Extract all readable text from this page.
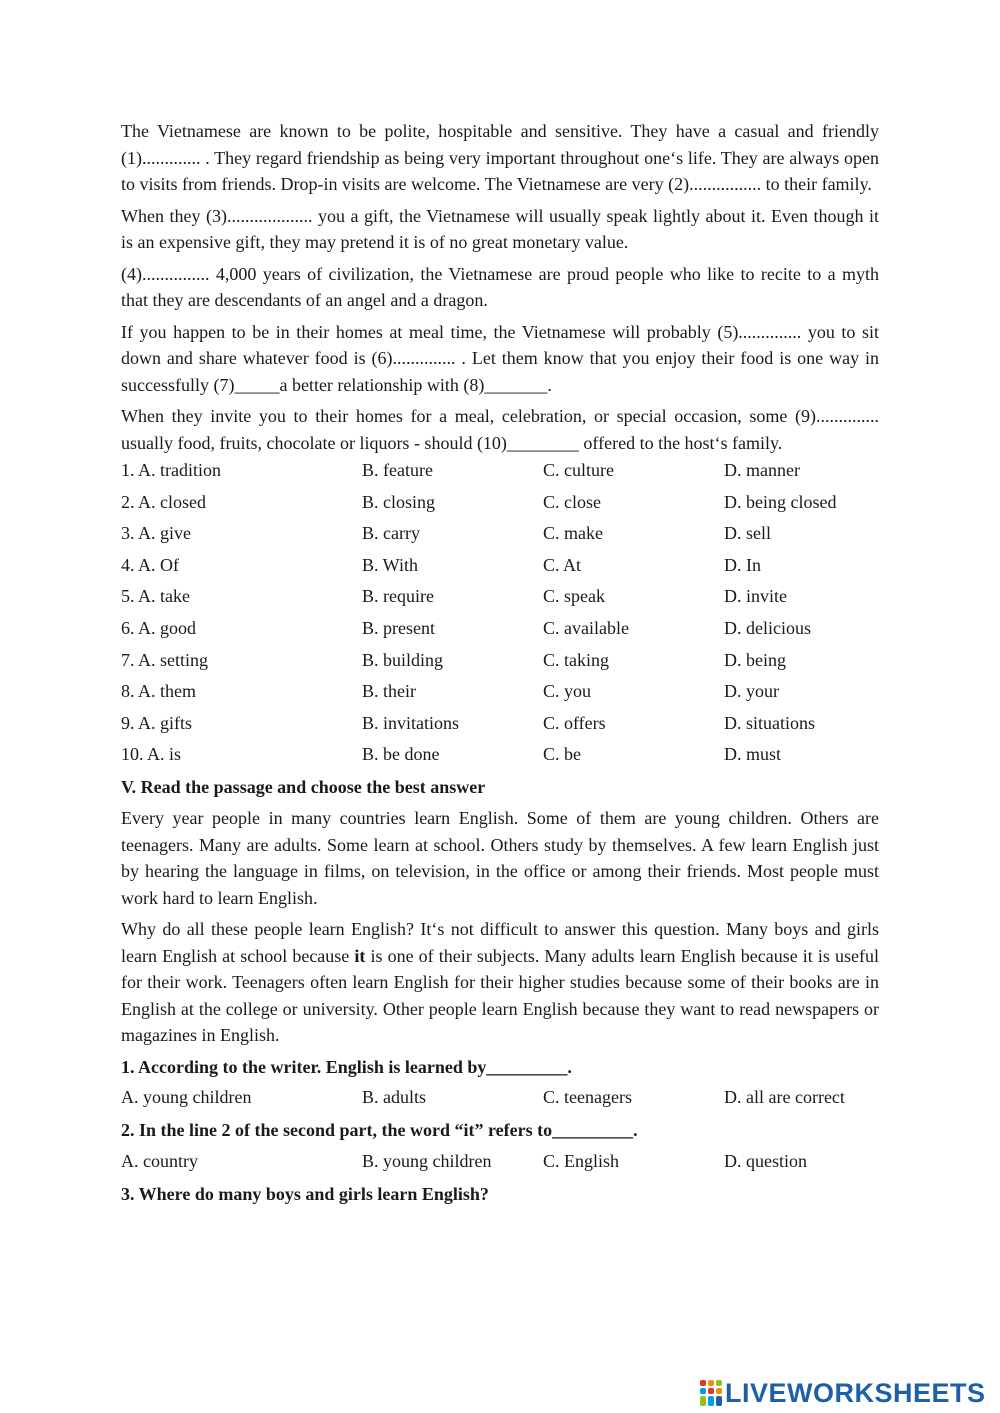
The Vietnamese are known to be polite, hospitable and sensitive. They have a casual and friendly (1)............. . They regard friendship as being very important throughout one‘s life. They are always open to visits from friends. Drop-in visits are welcome. The Vietnamese are very (2)................ to their family.

When they (3)................... you a gift, the Vietnamese will usually speak lightly about it. Even though it is an expensive gift, they may pretend it is of no great monetary value.

(4)............... 4,000 years of civilization, the Vietnamese are proud people who like to recite to a myth that they are descendants of an angel and a dragon.

If you happen to be in their homes at meal time, the Vietnamese will probably (5).............. you to sit down and share whatever food is (6).............. . Let them know that you enjoy their food is one way in successfully (7)_____a better relationship with (8)_______.

When they invite you to their homes for a meal, celebration, or special occasion, some (9).............. usually food, fruits, chocolate or liquors - should (10)________ offered to the host‘s family.

1. A. tradition	B. feature	C. culture	D. manner
2. A. closed	B. closing	C. close	D. being closed
3. A. give	B. carry	C. make	D. sell
4. A. Of	B. With	C. At	D. In
5. A. take	B. require	C. speak	D. invite
6. A. good	B. present	C. available	D. delicious
7. A. setting	B. building	C. taking	D. being
8. A. them	B. their	C. you	D. your
9. A. gifts	B. invitations	C. offers	D. situations
10. A. is	B. be done	C. be	D. must

V. Read the passage and choose the best answer

Every year people in many countries learn English. Some of them are young children. Others are teenagers. Many are adults. Some learn at school. Others study by themselves. A few learn English just by hearing the language in films, on television, in the office or among their friends. Most people must work hard to learn English.

Why do all these people learn English? It‘s not difficult to answer this question. Many boys and girls learn English at school because it is one of their subjects. Many adults learn English because it is useful for their work. Teenagers often learn English for their higher studies because some of their books are in English at the college or university. Other people learn English because they want to read newspapers or magazines in English.

1. According to the writer. English is learned by_________.

A. young children	B. adults	C. teenagers	D. all are correct

2. In the line 2 of the second part, the word “it” refers to_________.

A. country	B. young children	C. English	D. question

3. Where do many boys and girls learn English?

LIVEWORKSHEETS
